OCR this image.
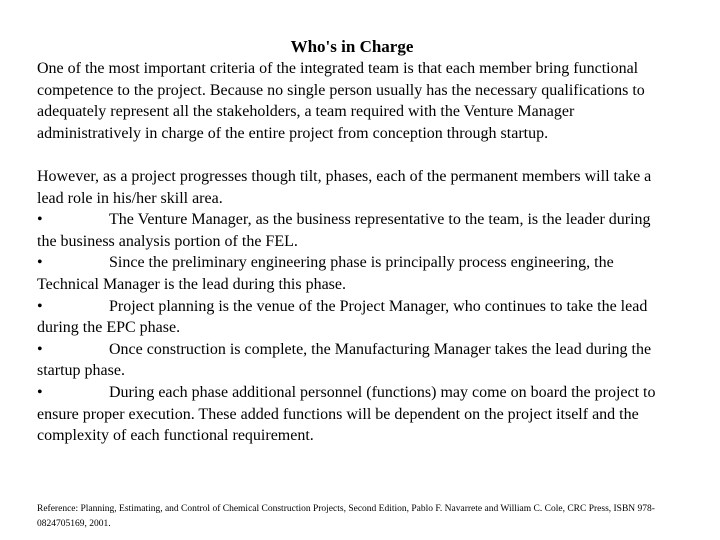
Who's in Charge

One of the most important criteria of the integrated team is that each member bring functional competence to the project. Because no single person usually has the necessary qualifications to adequately represent all the stakeholders, a team required with the Venture Manager administratively in charge of the entire project from conception through startup.

However, as a project progresses though tilt, phases, each of the permanent members will take a lead role in his/her skill area.

•	The Venture Manager, as the business representative to the team, is the leader during the business analysis portion of the FEL.

•	Since the preliminary engineering phase is principally process engineering, the Technical Manager is the lead during this phase.

•	Project planning is the venue of the Project Manager, who continues to take the lead during the EPC phase.

•	Once construction is complete, the Manufacturing Manager takes the lead during the startup phase.

•	During each phase additional personnel (functions) may come on board the project to ensure proper execution. These added functions will be dependent on the project itself and the complexity of each functional requirement.

Reference: Planning, Estimating, and Control of Chemical Construction Projects, Second Edition, Pablo F. Navarrete and William C. Cole, CRC Press, ISBN 978-0824705169, 2001.
